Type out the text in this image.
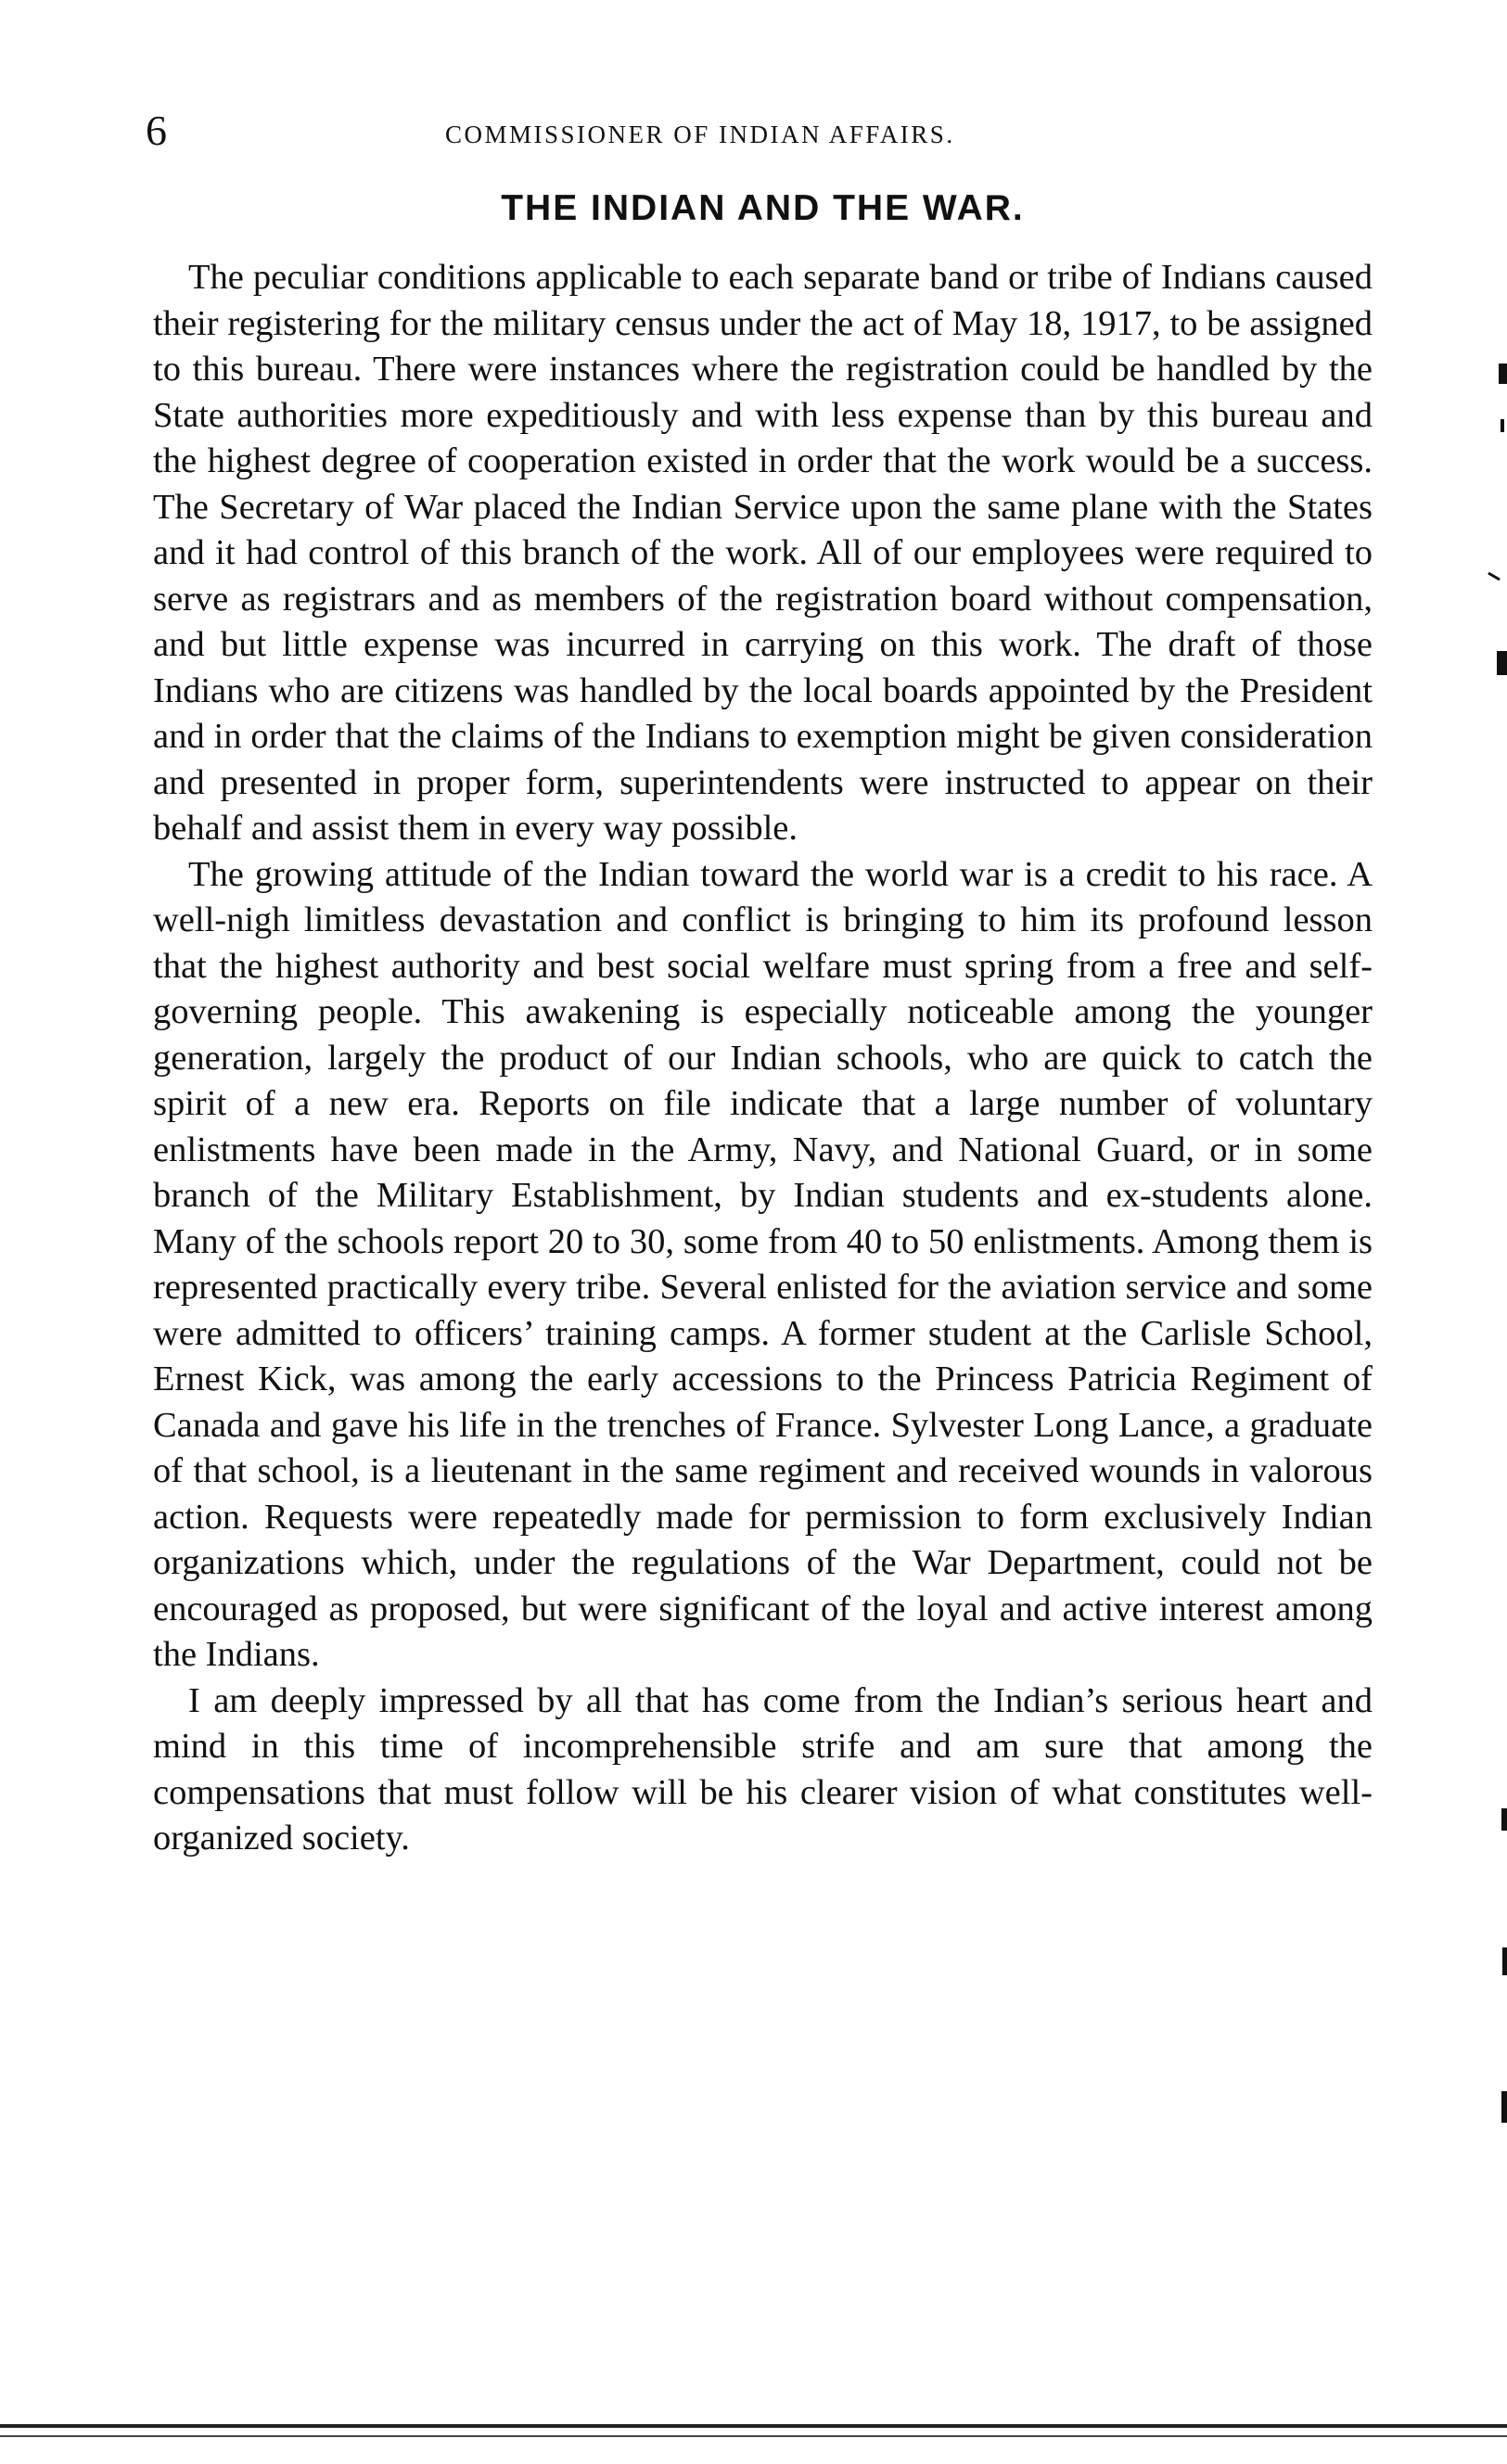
6	COMMISSIONER OF INDIAN AFFAIRS.
THE INDIAN AND THE WAR.

The peculiar conditions applicable to each separate band or tribe of Indians caused their registering for the military census under the act of May 18, 1917, to be assigned to this bureau. There were instances where the registration could be handled by the State authorities more expeditiously and with less expense than by this bureau and the highest degree of cooperation existed in order that the work would be a success. The Secretary of War placed the Indian Service upon the same plane with the States and it had control of this branch of the work. All of our employees were required to serve as registrars and as members of the registration board without compensation, and but little expense was incurred in carrying on this work. The draft of those Indians who are citizens was handled by the local boards appointed by the President and in order that the claims of the Indians to exemption might be given consideration and presented in proper form, superintendents were instructed to appear on their behalf and assist them in every way possible.

The growing attitude of the Indian toward the world war is a credit to his race. A well-nigh limitless devastation and conflict is bringing to him its profound lesson that the highest authority and best social welfare must spring from a free and self-governing people. This awakening is especially noticeable among the younger generation, largely the product of our Indian schools, who are quick to catch the spirit of a new era. Reports on file indicate that a large number of voluntary enlistments have been made in the Army, Navy, and National Guard, or in some branch of the Military Establishment, by Indian students and ex-students alone. Many of the schools report 20 to 30, some from 40 to 50 enlistments. Among them is represented practically every tribe. Several enlisted for the aviation service and some were admitted to officers’ training camps. A former student at the Carlisle School, Ernest Kick, was among the early accessions to the Princess Patricia Regiment of Canada and gave his life in the trenches of France. Sylvester Long Lance, a graduate of that school, is a lieutenant in the same regiment and received wounds in valorous action. Requests were repeatedly made for permission to form exclusively Indian organizations which, under the regulations of the War Department, could not be encouraged as proposed, but were significant of the loyal and active interest among the Indians.

I am deeply impressed by all that has come from the Indian’s serious heart and mind in this time of incomprehensible strife and am sure that among the compensations that must follow will be his clearer vision of what constitutes well-organized society.
